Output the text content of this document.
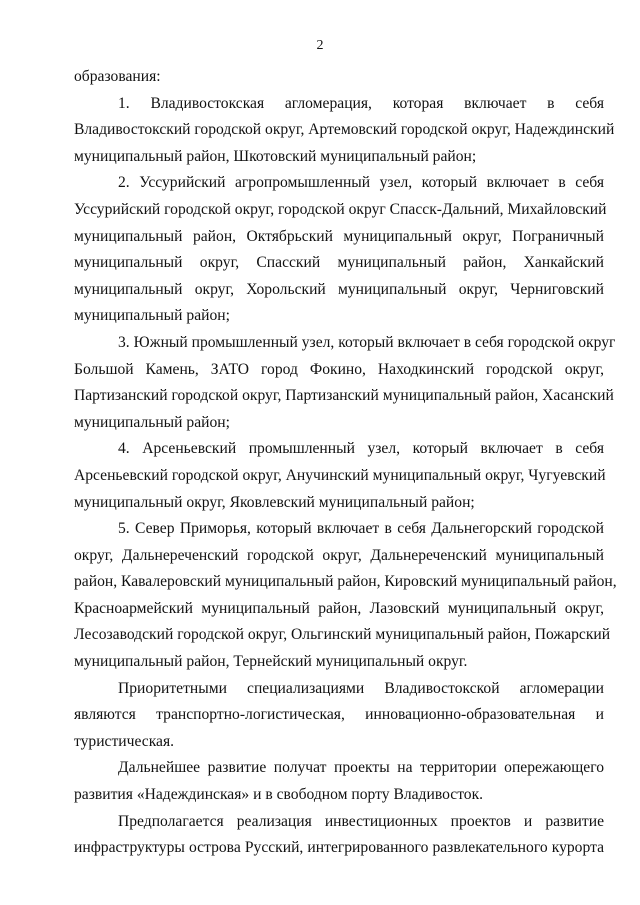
2
образования:
1. Владивостокская агломерация, которая включает в себя
Владивостокский городской округ, Артемовский городской округ, Надеждинский
муниципальный район, Шкотовский муниципальный район;
2. Уссурийский агропромышленный узел, который включает в себя
Уссурийский городской округ, городской округ Спасск-Дальний, Михайловский
муниципальный район, Октябрьский муниципальный округ, Пограничный
муниципальный округ, Спасский муниципальный район, Ханкайский
муниципальный округ, Хорольский муниципальный округ, Черниговский
муниципальный район;
3. Южный промышленный узел, который включает в себя городской округ
Большой Камень, ЗАТО город Фокино, Находкинский городской округ,
Партизанский городской округ, Партизанский муниципальный район, Хасанский
муниципальный район;
4. Арсеньевский промышленный узел, который включает в себя
Арсеньевский городской округ, Анучинский муниципальный округ, Чугуевский
муниципальный округ, Яковлевский муниципальный район;
5. Север Приморья, который включает в себя Дальнегорский городской
округ, Дальнереченский городской округ, Дальнереченский муниципальный
район, Кавалеровский муниципальный район, Кировский муниципальный район,
Красноармейский муниципальный район, Лазовский муниципальный округ,
Лесозаводский городской округ, Ольгинский муниципальный район, Пожарский
муниципальный район, Тернейский муниципальный округ.
Приоритетными специализациями Владивостокской агломерации
являются транспортно-логистическая, инновационно-образовательная и
туристическая.
Дальнейшее развитие получат проекты на территории опережающего
развития «Надеждинская» и в свободном порту Владивосток.
Предполагается реализация инвестиционных проектов и развитие
инфраструктуры острова Русский, интегрированного развлекательного курорта
